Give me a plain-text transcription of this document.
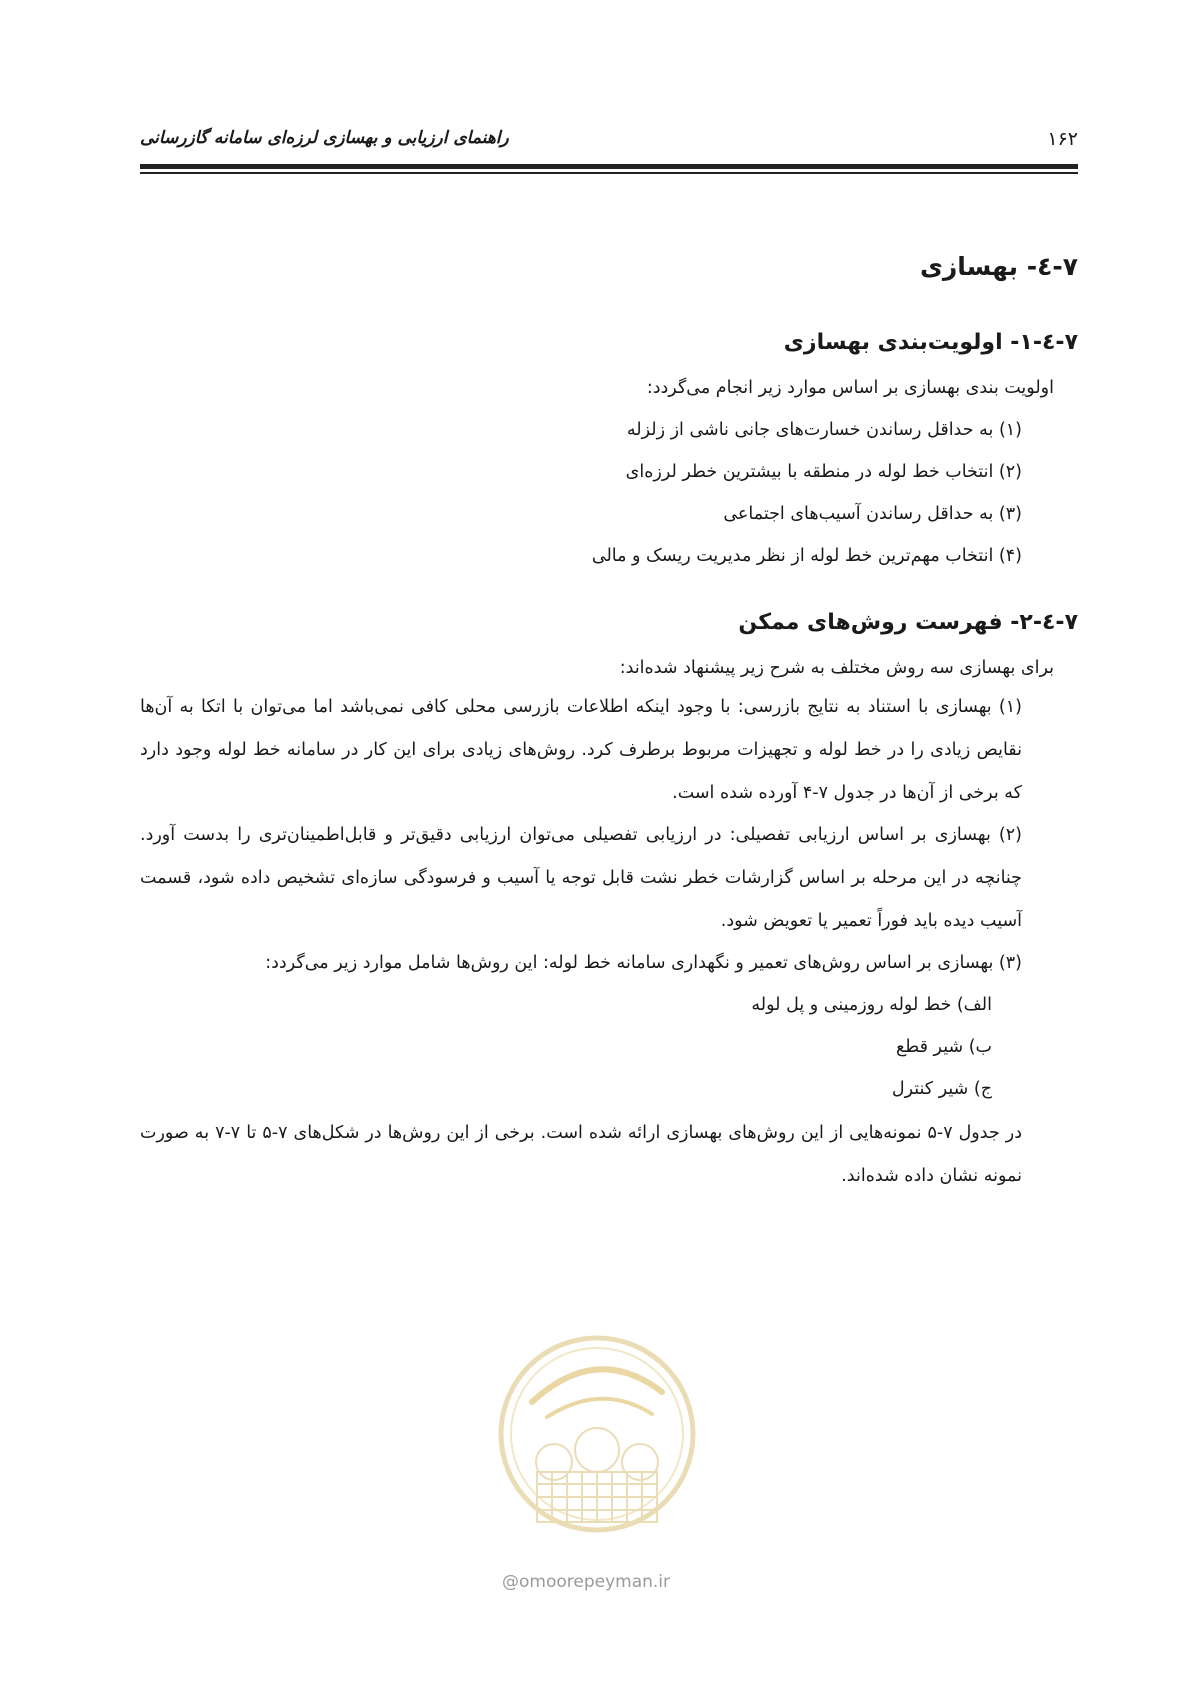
۱۶۲
راهنمای ارزیابی و بهسازی لرزه‌ای سامانه گازرسانی
۷-٤- بهسازی
۷-٤-۱- اولویت‌بندی بهسازی
اولویت بندی بهسازی بر اساس موارد زیر انجام می‌گردد:
(۱) به حداقل رساندن خسارت‌های جانی ناشی از زلزله
(۲) انتخاب خط لوله در منطقه با بیشترین خطر لرزه‌ای
(۳) به حداقل رساندن آسیب‌های اجتماعی
(۴) انتخاب مهم‌ترین خط لوله از نظر مدیریت ریسک و مالی
۷-٤-۲- فهرست روش‌های ممکن
برای بهسازی سه روش مختلف به شرح زیر پیشنهاد شده‌اند:
(۱) بهسازی با استناد به نتایج بازرسی: با وجود اینکه اطلاعات بازرسی محلی کافی نمی‌باشد اما می‌توان با اتکا به آن‌ها نقایص زیادی را در خط لوله و تجهیزات مربوط برطرف کرد. روش‌های زیادی برای این کار در سامانه خط لوله وجود دارد که برخی از آن‌ها در جدول ۷-۴ آورده شده است.
(۲) بهسازی بر اساس ارزیابی تفصیلی: در ارزیابی تفصیلی می‌توان ارزیابی دقیق‌تر و قابل‌اطمینان‌تری را بدست آورد. چنانچه در این مرحله بر اساس گزارشات خطر نشت قابل توجه یا آسیب و فرسودگی سازه‌ای تشخیص داده شود، قسمت آسیب دیده باید فوراً تعمیر یا تعویض شود.
(۳) بهسازی بر اساس روش‌های تعمیر و نگهداری سامانه خط لوله: این روش‌ها شامل موارد زیر می‌گردد:
الف) خط لوله روزمینی و پل لوله
ب) شیر قطع
ج) شیر کنترل
در جدول ۷-۵ نمونه‌هایی از این روش‌های بهسازی ارائه شده است. برخی از این روش‌ها در شکل‌های ۷-۵ تا ۷-۷ به صورت نمونه نشان داده شده‌اند.
@omoorepeyman.ir
